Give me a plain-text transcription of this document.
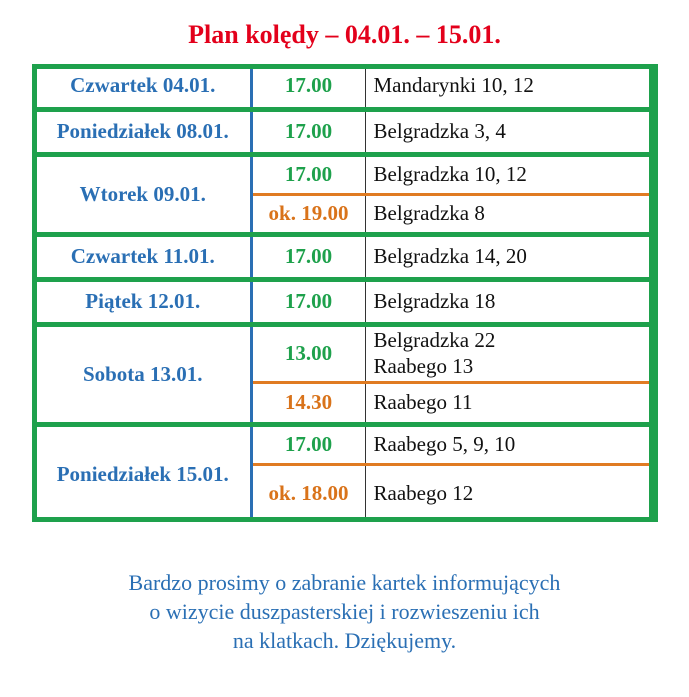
Plan kolędy – 04.01. – 15.01.
Czwartek 04.01.	17.00	Mandarynki 10, 12

Poniedziałek 08.01.	17.00	Belgradzka 3, 4

Wtorek 09.01.	17.00	Belgradzka 10, 12

	ok. 19.00	Belgradzka 8

Czwartek 11.01.	17.00	Belgradzka 14, 20

Piątek 12.01.	17.00	Belgradzka 18

Sobota 13.01.	13.00	Belgradzka 22
Raabego 13

	14.30	Raabego 11

Poniedziałek 15.01.	17.00	Raabego 5, 9, 10

	ok. 18.00	Raabego 12
Bardzo prosimy o zabranie kartek informujących
o wizycie duszpasterskiej i rozwieszeniu ich
na klatkach. Dziękujemy.
